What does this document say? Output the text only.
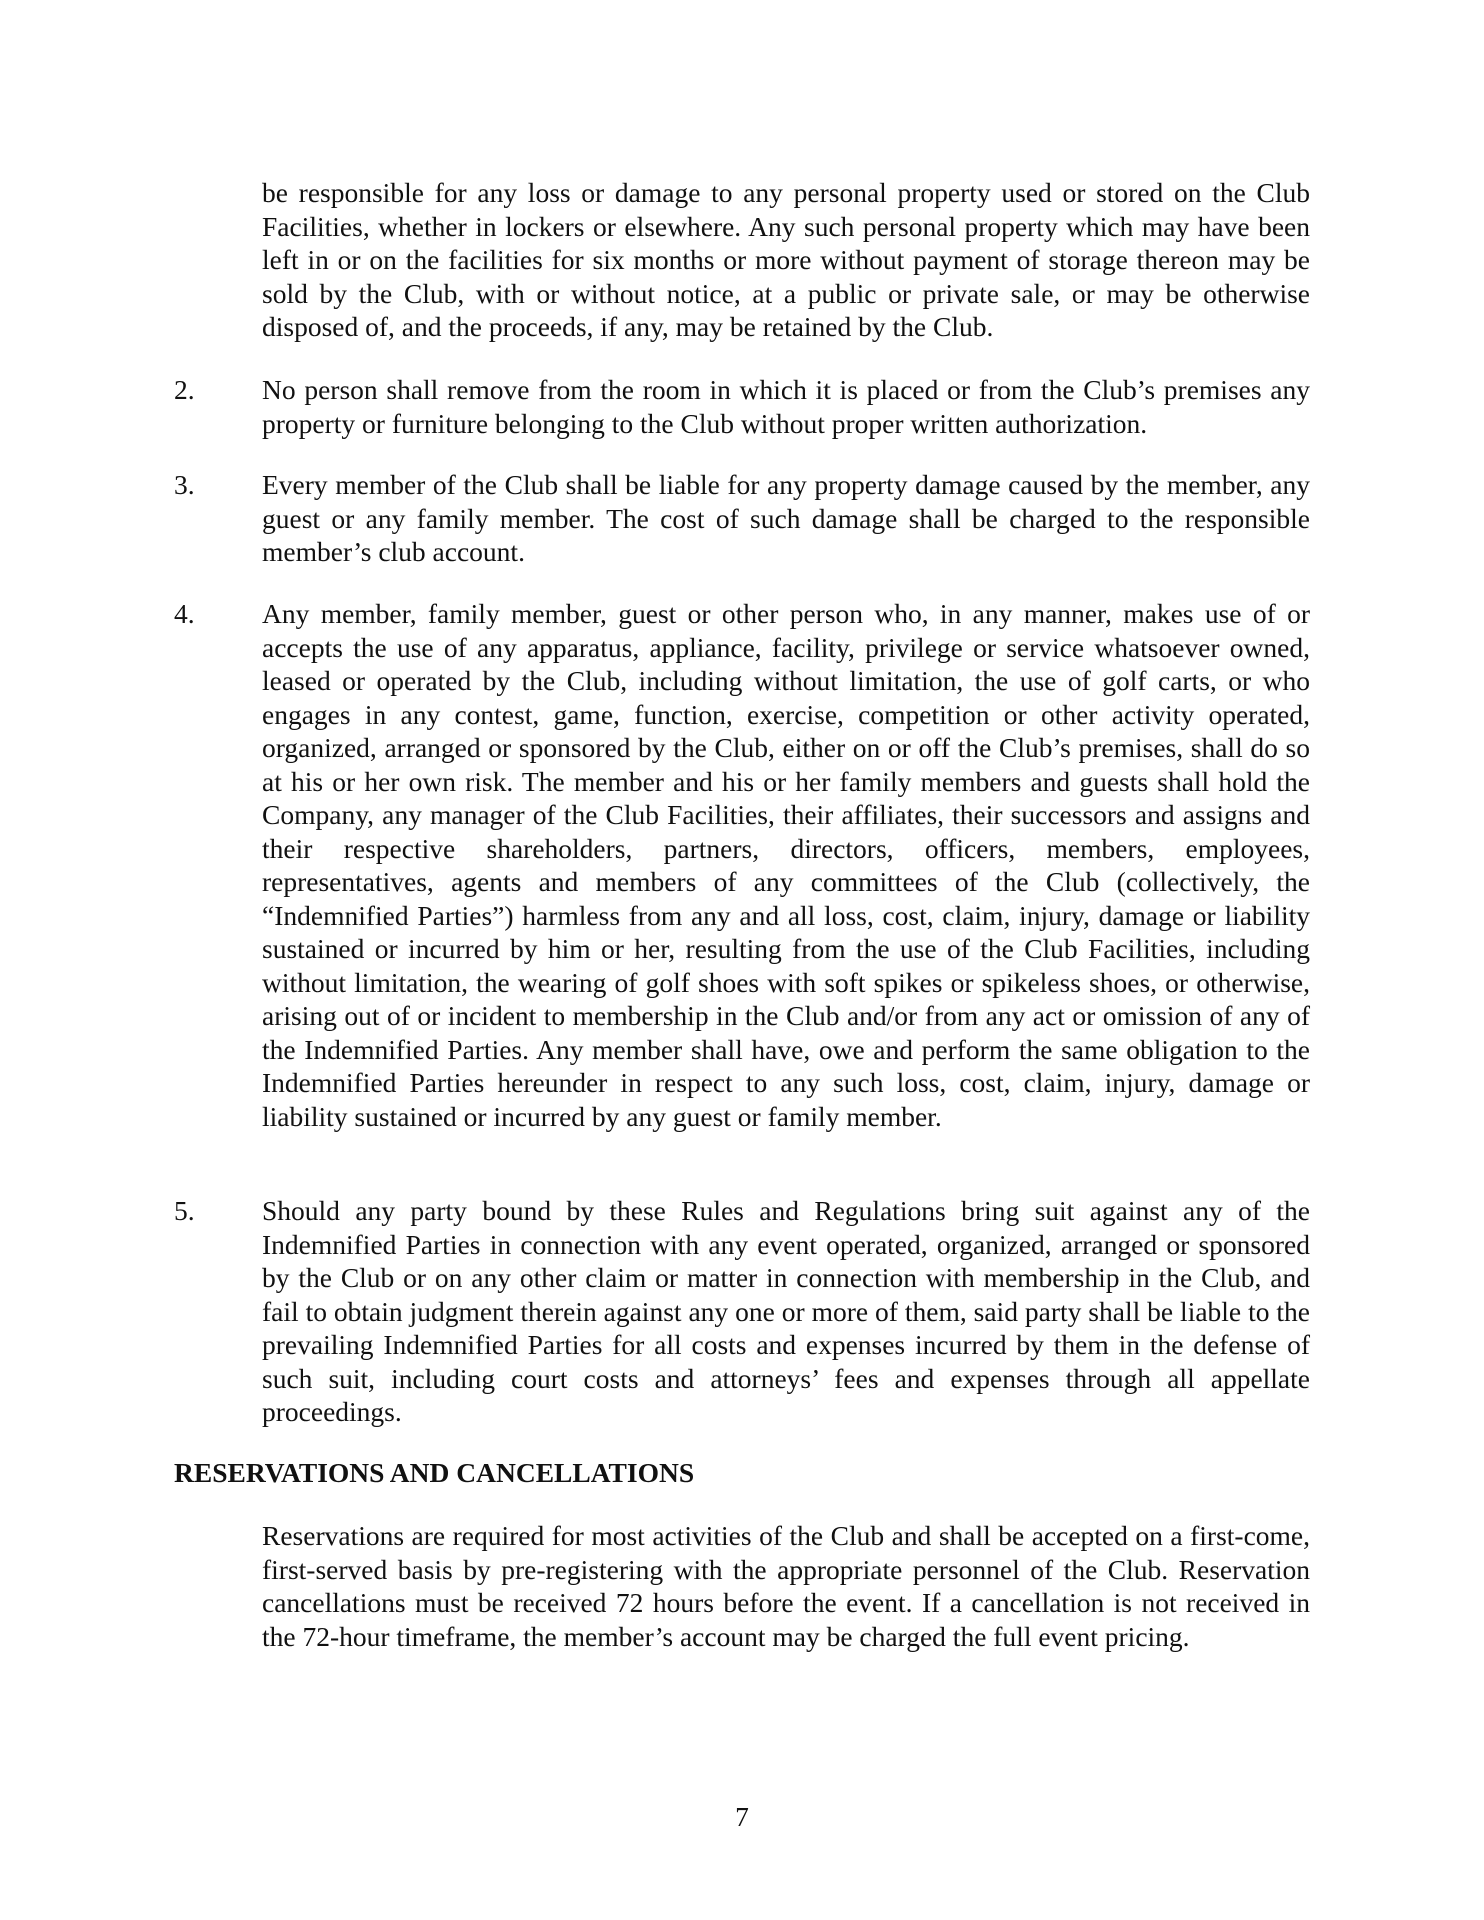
be responsible for any loss or damage to any personal property used or stored on the Club Facilities, whether in lockers or elsewhere. Any such personal property which may have been left in or on the facilities for six months or more without payment of storage thereon may be sold by the Club, with or without notice, at a public or private sale, or may be otherwise disposed of, and the proceeds, if any, may be retained by the Club.

2.	No person shall remove from the room in which it is placed or from the Club’s premises any property or furniture belonging to the Club without proper written authorization.

3.	Every member of the Club shall be liable for any property damage caused by the member, any guest or any family member. The cost of such damage shall be charged to the responsible member’s club account.

4.	Any member, family member, guest or other person who, in any manner, makes use of or accepts the use of any apparatus, appliance, facility, privilege or service whatsoever owned, leased or operated by the Club, including without limitation, the use of golf carts, or who engages in any contest, game, function, exercise, competition or other activity operated, organized, arranged or sponsored by the Club, either on or off the Club’s premises, shall do so at his or her own risk. The member and his or her family members and guests shall hold the Company, any manager of the Club Facilities, their affiliates, their successors and assigns and their respective shareholders, partners, directors, officers, members, employees, representatives, agents and members of any committees of the Club (collectively, the “Indemnified Parties”) harmless from any and all loss, cost, claim, injury, damage or liability sustained or incurred by him or her, resulting from the use of the Club Facilities, including without limitation, the wearing of golf shoes with soft spikes or spikeless shoes, or otherwise, arising out of or incident to membership in the Club and/or from any act or omission of any of the Indemnified Parties. Any member shall have, owe and perform the same obligation to the Indemnified Parties hereunder in respect to any such loss, cost, claim, injury, damage or liability sustained or incurred by any guest or family member.

5.	Should any party bound by these Rules and Regulations bring suit against any of the Indemnified Parties in connection with any event operated, organized, arranged or sponsored by the Club or on any other claim or matter in connection with membership in the Club, and fail to obtain judgment therein against any one or more of them, said party shall be liable to the prevailing Indemnified Parties for all costs and expenses incurred by them in the defense of such suit, including court costs and attorneys’ fees and expenses through all appellate proceedings.

RESERVATIONS AND CANCELLATIONS

Reservations are required for most activities of the Club and shall be accepted on a first-come, first-served basis by pre-registering with the appropriate personnel of the Club. Reservation cancellations must be received 72 hours before the event. If a cancellation is not received in the 72-hour timeframe, the member’s account may be charged the full event pricing.

7
